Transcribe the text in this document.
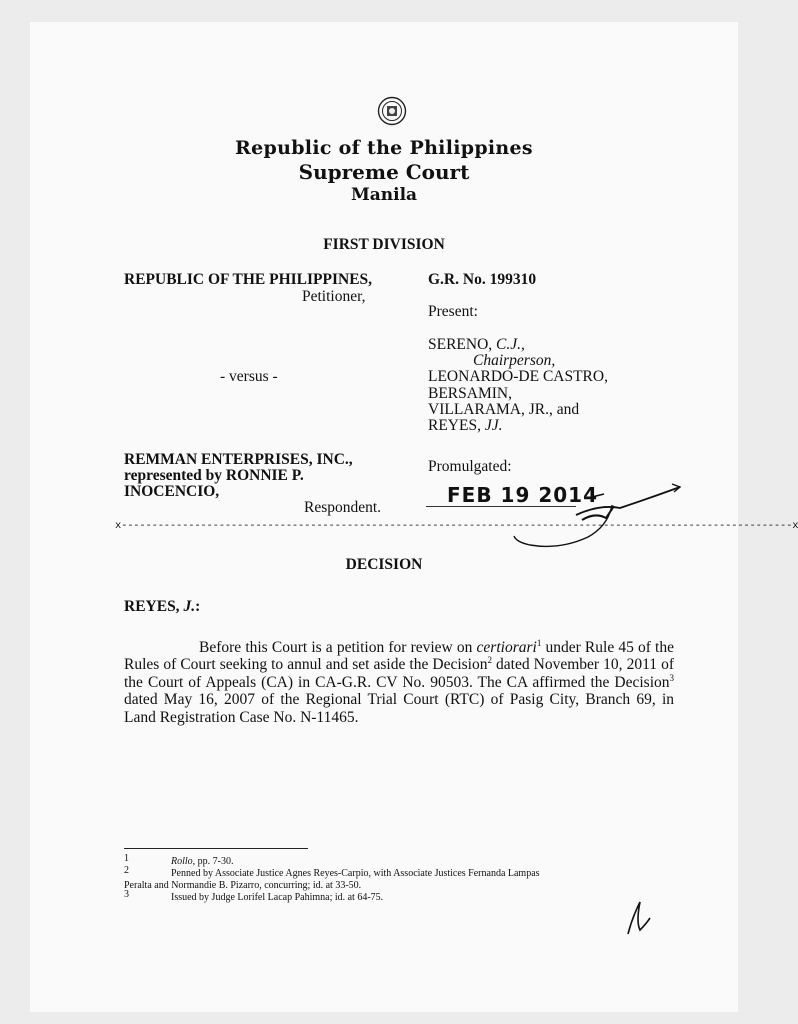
Republic of the Philippines
Supreme Court
Manila
FIRST DIVISION
REPUBLIC OF THE PHILIPPINES,
Petitioner,
G.R. No. 199310
Present:
SERENO, C.J.,
Chairperson,
LEONARDO-DE CASTRO,
BERSAMIN,
VILLARAMA, JR., and
REYES, JJ.
- versus -
REMMAN ENTERPRISES, INC.,
represented by RONNIE P.
INOCENCIO,
Respondent.
Promulgated:
FEB 19 2014
x--------------------------------------------------------------------------------------------------------------x
DECISION
REYES, J.:
Before this Court is a petition for review on certiorari$^1$ under Rule 45 of the Rules of Court seeking to annul and set aside the Decision$^2$ dated November 10, 2011 of the Court of Appeals (CA) in CA-G.R. CV No. 90503. The CA affirmed the Decision$^3$ dated May 16, 2007 of the Regional Trial Court (RTC) of Pasig City, Branch 69, in Land Registration Case No. N-11465.
1	Rollo, pp. 7-30.
2	Penned by Associate Justice Agnes Reyes-Carpio, with Associate Justices Fernanda Lampas
Peralta and Normandie B. Pizarro, concurring; id. at 33-50.
3	Issued by Judge Lorifel Lacap Pahimna; id. at 64-75.
